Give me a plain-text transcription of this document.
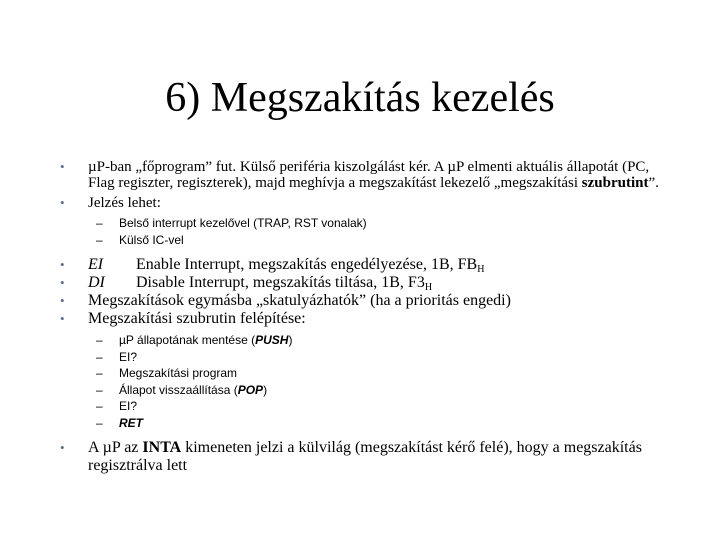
6) Megszakítás kezelés
• µP-ban „főprogram” fut. Külső periféria kiszolgálást kér. A µP elmenti aktuális állapotát (PC, Flag regiszter, regiszterek), majd meghívja a megszakítást lekezelő „megszakítási szubrutint”.
• Jelzés lehet:
– Belső interrupt kezelővel (TRAP, RST vonalak)
– Külső IC-vel
• EI Enable Interrupt, megszakítás engedélyezése, 1B, $FB_H$
• DI Disable Interrupt, megszakítás tiltása, 1B, $F3_H$
• Megszakítások egymásba „skatulyázhatók” (ha a prioritás engedi)
• Megszakítási szubrutin felépítése:
– µP állapotának mentése (PUSH)
– EI?
– Megszakítási program
– Állapot visszaállítása (POP)
– EI?
– RET
• A µP az INTA kimeneten jelzi a külvilág (megszakítást kérő felé), hogy a megszakítás regisztrálva lett
